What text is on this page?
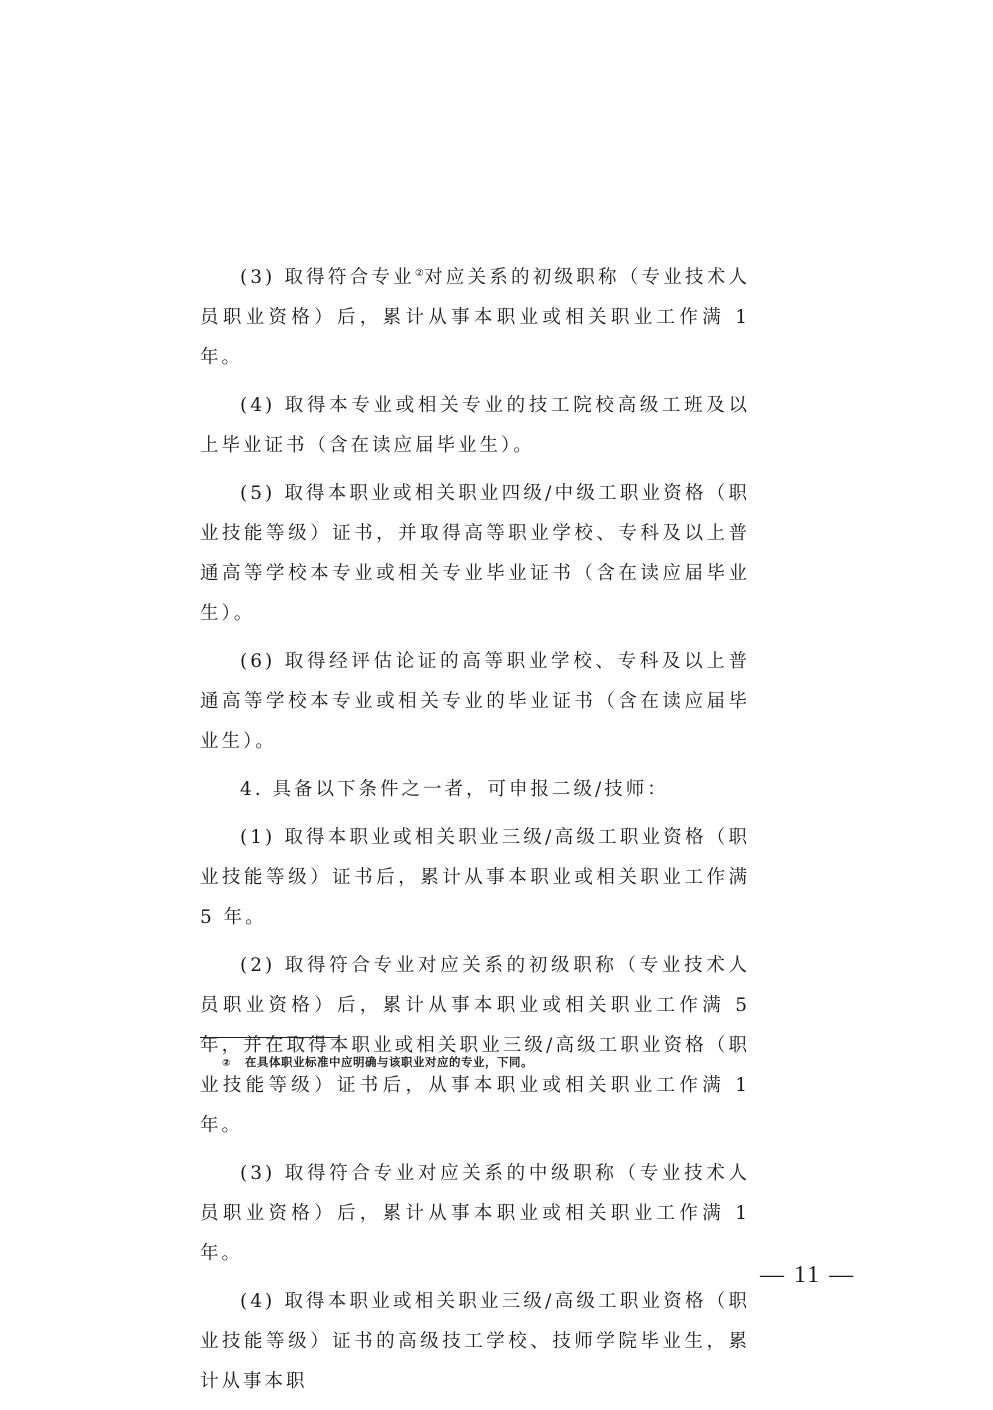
(3) 取得符合专业②对应关系的初级职称（专业技术人员职业资格）后，累计从事本职业或相关职业工作满 1 年。

(4) 取得本专业或相关专业的技工院校高级工班及以上毕业证书（含在读应届毕业生）。

(5) 取得本职业或相关职业四级/中级工职业资格（职业技能等级）证书，并取得高等职业学校、专科及以上普通高等学校本专业或相关专业毕业证书（含在读应届毕业生）。

(6) 取得经评估论证的高等职业学校、专科及以上普通高等学校本专业或相关专业的毕业证书（含在读应届毕业生）。

4. 具备以下条件之一者，可申报二级/技师：

(1) 取得本职业或相关职业三级/高级工职业资格（职业技能等级）证书后，累计从事本职业或相关职业工作满 5 年。

(2) 取得符合专业对应关系的初级职称（专业技术人员职业资格）后，累计从事本职业或相关职业工作满 5 年，并在取得本职业或相关职业三级/高级工职业资格（职业技能等级）证书后，从事本职业或相关职业工作满 1 年。

(3) 取得符合专业对应关系的中级职称（专业技术人员职业资格）后，累计从事本职业或相关职业工作满 1 年。

(4) 取得本职业或相关职业三级/高级工职业资格（职业技能等级）证书的高级技工学校、技师学院毕业生，累计从事本职

② 在具体职业标准中应明确与该职业对应的专业，下同。
— 11 —
